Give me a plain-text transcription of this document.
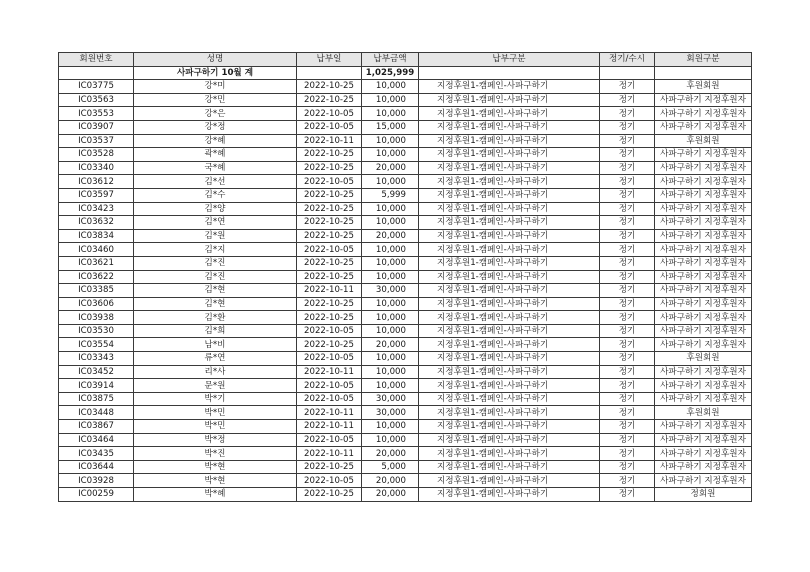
회원번호	성명	납부일	납부금액	납부구분	정기/수시	회원구분
	사파구하기 10월 계		1,025,999			
IC03775	강*미	2022-10-25	10,000	지정후원1-캠페인-사파구하기	정기	후원회원
IC03563	강*민	2022-10-25	10,000	지정후원1-캠페인-사파구하기	정기	사파구하기 지정후원자
IC03553	강*은	2022-10-05	10,000	지정후원1-캠페인-사파구하기	정기	사파구하기 지정후원자
IC03907	강*정	2022-10-05	15,000	지정후원1-캠페인-사파구하기	정기	사파구하기 지정후원자
IC03537	강*혜	2022-10-11	10,000	지정후원1-캠페인-사파구하기	정기	후원회원
IC03528	곽*혜	2022-10-25	10,000	지정후원1-캠페인-사파구하기	정기	사파구하기 지정후원자
IC03340	국*혜	2022-10-25	20,000	지정후원1-캠페인-사파구하기	정기	사파구하기 지정후원자
IC03612	김*선	2022-10-05	10,000	지정후원1-캠페인-사파구하기	정기	사파구하기 지정후원자
IC03597	김*수	2022-10-25	5,999	지정후원1-캠페인-사파구하기	정기	사파구하기 지정후원자
IC03423	김*양	2022-10-25	10,000	지정후원1-캠페인-사파구하기	정기	사파구하기 지정후원자
IC03632	김*연	2022-10-25	10,000	지정후원1-캠페인-사파구하기	정기	사파구하기 지정후원자
IC03834	김*원	2022-10-25	20,000	지정후원1-캠페인-사파구하기	정기	사파구하기 지정후원자
IC03460	김*지	2022-10-05	10,000	지정후원1-캠페인-사파구하기	정기	사파구하기 지정후원자
IC03621	김*진	2022-10-25	10,000	지정후원1-캠페인-사파구하기	정기	사파구하기 지정후원자
IC03622	김*진	2022-10-25	10,000	지정후원1-캠페인-사파구하기	정기	사파구하기 지정후원자
IC03385	김*현	2022-10-11	30,000	지정후원1-캠페인-사파구하기	정기	사파구하기 지정후원자
IC03606	김*현	2022-10-25	10,000	지정후원1-캠페인-사파구하기	정기	사파구하기 지정후원자
IC03938	김*환	2022-10-25	10,000	지정후원1-캠페인-사파구하기	정기	사파구하기 지정후원자
IC03530	김*희	2022-10-05	10,000	지정후원1-캠페인-사파구하기	정기	사파구하기 지정후원자
IC03554	남*비	2022-10-25	20,000	지정후원1-캠페인-사파구하기	정기	사파구하기 지정후원자
IC03343	류*연	2022-10-05	10,000	지정후원1-캠페인-사파구하기	정기	후원회원
IC03452	리*사	2022-10-11	10,000	지정후원1-캠페인-사파구하기	정기	사파구하기 지정후원자
IC03914	문*원	2022-10-05	10,000	지정후원1-캠페인-사파구하기	정기	사파구하기 지정후원자
IC03875	박*기	2022-10-05	30,000	지정후원1-캠페인-사파구하기	정기	사파구하기 지정후원자
IC03448	박*민	2022-10-11	30,000	지정후원1-캠페인-사파구하기	정기	후원회원
IC03867	박*민	2022-10-11	10,000	지정후원1-캠페인-사파구하기	정기	사파구하기 지정후원자
IC03464	박*정	2022-10-05	10,000	지정후원1-캠페인-사파구하기	정기	사파구하기 지정후원자
IC03435	박*진	2022-10-11	20,000	지정후원1-캠페인-사파구하기	정기	사파구하기 지정후원자
IC03644	박*현	2022-10-25	5,000	지정후원1-캠페인-사파구하기	정기	사파구하기 지정후원자
IC03928	박*현	2022-10-05	20,000	지정후원1-캠페인-사파구하기	정기	사파구하기 지정후원자
IC00259	박*혜	2022-10-25	20,000	지정후원1-캠페인-사파구하기	정기	정회원
